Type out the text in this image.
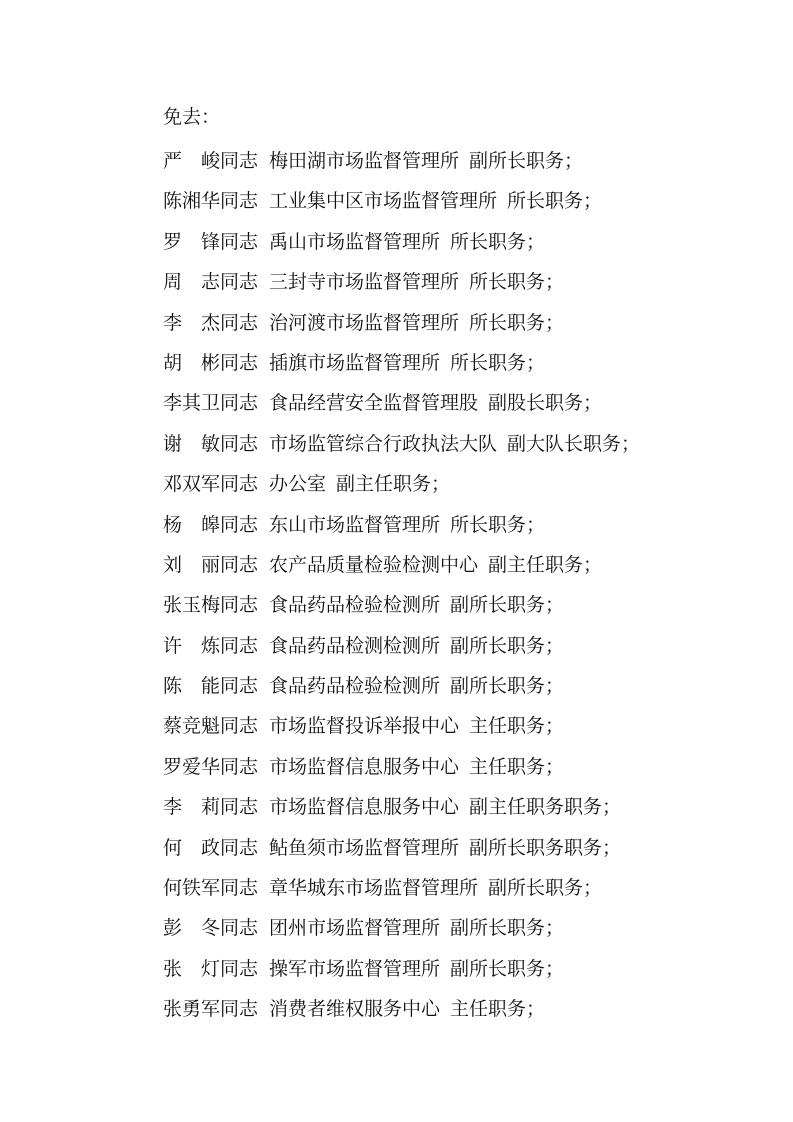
免去：
严　峻同志 梅田湖市场监督管理所 副所长职务；
陈湘华同志 工业集中区市场监督管理所 所长职务；
罗　锋同志 禹山市场监督管理所 所长职务；
周　志同志 三封寺市场监督管理所 所长职务；
李　杰同志 治河渡市场监督管理所 所长职务；
胡　彬同志 插旗市场监督管理所 所长职务；
李其卫同志 食品经营安全监督管理股 副股长职务；
谢　敏同志 市场监管综合行政执法大队 副大队长职务；
邓双军同志 办公室 副主任职务；
杨　皞同志 东山市场监督管理所 所长职务；
刘　丽同志 农产品质量检验检测中心 副主任职务；
张玉梅同志 食品药品检验检测所 副所长职务；
许　炼同志 食品药品检测检测所 副所长职务；
陈　能同志 食品药品检验检测所 副所长职务；
蔡竞魁同志 市场监督投诉举报中心 主任职务；
罗爱华同志 市场监督信息服务中心 主任职务；
李　莉同志 市场监督信息服务中心 副主任职务职务；
何　政同志 鲇鱼须市场监督管理所 副所长职务职务；
何铁军同志 章华城东市场监督管理所 副所长职务；
彭　冬同志 团州市场监督管理所 副所长职务；
张　灯同志 操军市场监督管理所 副所长职务；
张勇军同志 消费者维权服务中心 主任职务；
